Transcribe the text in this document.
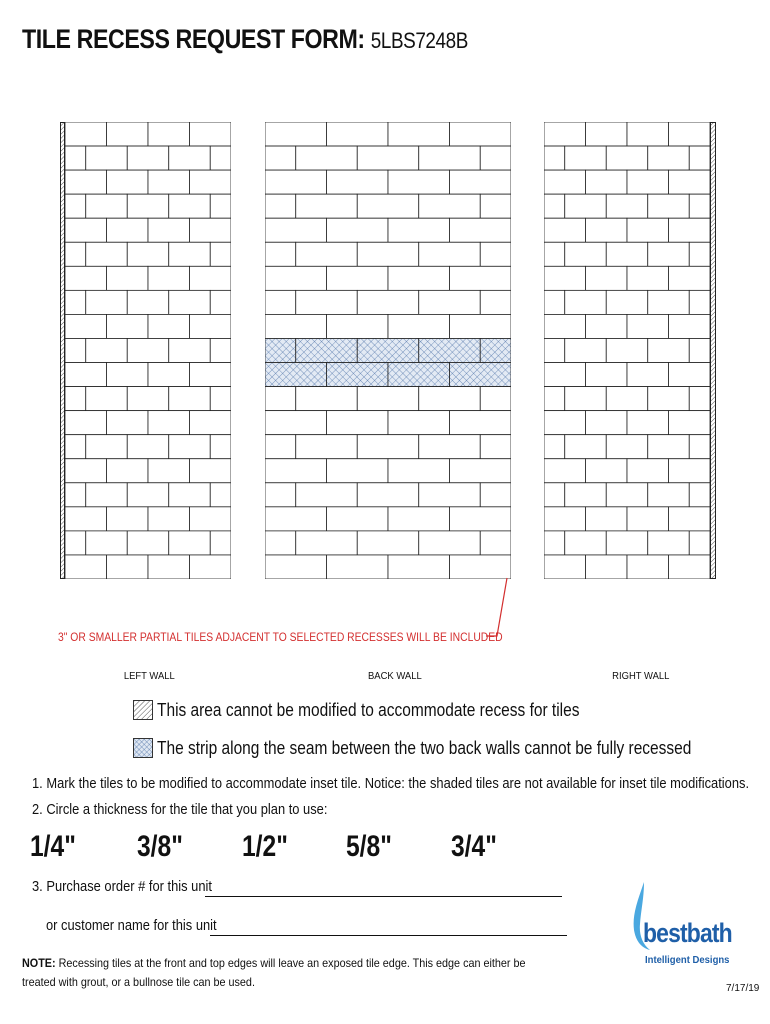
TILE RECESS REQUEST FORM: 5LBS7248B
3" OR SMALLER PARTIAL TILES ADJACENT TO SELECTED RECESSES WILL BE INCLUDED
LEFT WALL	BACK WALL	RIGHT WALL
This area cannot be modified to accommodate recess for tiles
The strip along the seam between the two back walls cannot be fully recessed
1. Mark the tiles to be modified to accommodate inset tile. Notice: the shaded tiles are not available for inset tile modifications.
2. Circle a thickness for the tile that you plan to use:
1/4" 3/8" 1/2" 5/8" 3/4"
3. Purchase order # for this unit
or customer name for this unit
NOTE: Recessing tiles at the front and top edges will leave an exposed tile edge. This edge can either be treated with grout, or a bullnose tile can be used.
bestbath
Intelligent Designs
7/17/19
